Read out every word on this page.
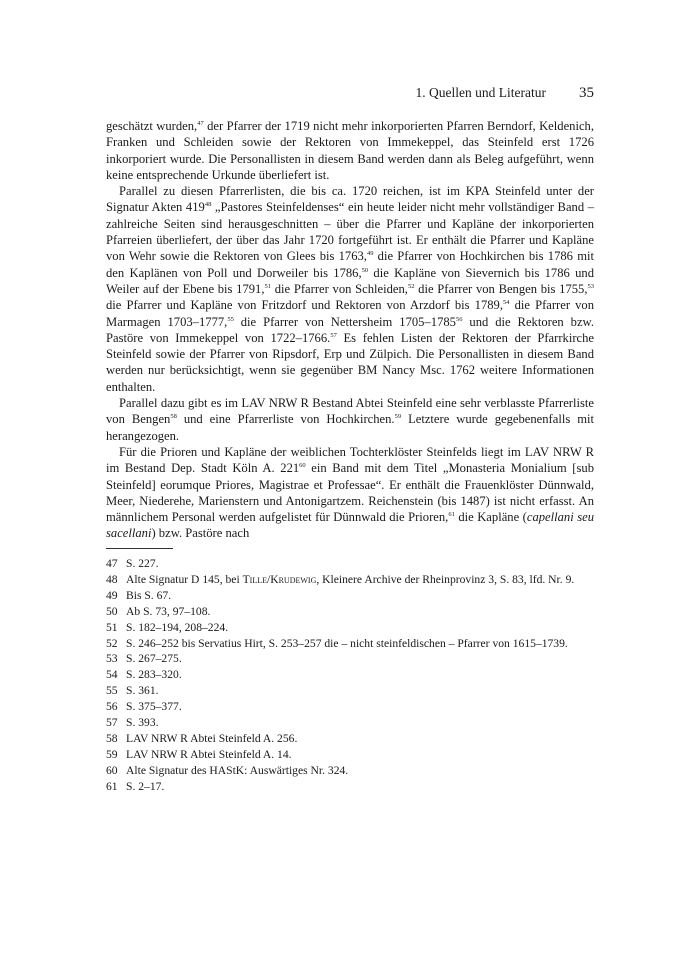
1. Quellen und Literatur 35

geschätzt wurden,$^{47}$ der Pfarrer der 1719 nicht mehr inkorporierten Pfarren Berndorf, Keldenich, Franken und Schleiden sowie der Rektoren von Immekeppel, das Steinfeld erst 1726 inkorporiert wurde. Die Personallisten in diesem Band werden dann als Beleg aufgeführt, wenn keine entsprechende Urkunde überliefert ist.

Parallel zu diesen Pfarrerlisten, die bis ca. 1720 reichen, ist im KPA Steinfeld unter der Signatur Akten $419^{48}$ „Pastores Steinfeldenses“ ein heute leider nicht mehr vollständiger Band – zahlreiche Seiten sind herausgeschnitten – über die Pfarrer und Kapläne der inkorporierten Pfarreien überliefert, der über das Jahr 1720 fortgeführt ist. Er enthält die Pfarrer und Kapläne von Wehr sowie die Rektoren von Glees bis 1763,49 die Pfarrer von Hochkirchen bis 1786 mit den Kaplänen von Poll und Dorweiler bis 1786,50 die Kapläne von Sievernich bis 1786 und Weiler auf der Ebene bis 1791,51 die Pfarrer von Schleiden,$^{52}$ die Pfarrer von Bengen bis 1755,53 die Pfarrer und Kapläne von Fritzdorf und Rektoren von Arzdorf bis 1789,54 die Pfarrer von Marmagen 1703–1777,55 die Pfarrer von Nettersheim 1705–1785$^{56}$ und die Rektoren bzw. Pastöre von Immekeppel von 1722–1766.57 Es fehlen Listen der Rektoren der Pfarrkirche Steinfeld sowie der Pfarrer von Ripsdorf, Erp und Zülpich. Die Personallisten in diesem Band werden nur berücksichtigt, wenn sie gegenüber BM Nancy Msc. 1762 weitere Informationen enthalten.

Parallel dazu gibt es im LAV NRW R Bestand Abtei Steinfeld eine sehr verblasste Pfarrerliste von Bengen$^{58}$ und eine Pfarrerliste von Hochkirchen.$^{59}$ Letztere wurde gegebenenfalls mit herangezogen.

Für die Prioren und Kapläne der weiblichen Tochterklöster Steinfelds liegt im LAV NRW R im Bestand Dep. Stadt Köln A. $221^{60}$ ein Band mit dem Titel „Monasteria Monialium [sub Steinfeld] eorumque Priores, Magistrae et Professae“. Er enthält die Frauenklöster Dünnwald, Meer, Niederehe, Marienstern und Antonigartzem. Reichenstein (bis 1487) ist nicht erfasst. An männlichem Personal werden aufgelistet für Dünnwald die Prioren,$^{61}$ die Kapläne (capellani seu sacellani) bzw. Pastöre nach

47 S. 227.
48 Alte Signatur D 145, bei Tille/Krudewig, Kleinere Archive der Rheinprovinz 3, S. 83, lfd. Nr. 9.
49 Bis S. 67.
50 Ab S. 73, 97–108.
51 S. 182–194, 208–224.
52 S. 246–252 bis Servatius Hirt, S. 253–257 die – nicht steinfeldischen – Pfarrer von 1615–1739.
53 S. 267–275.
54 S. 283–320.
55 S. 361.
56 S. 375–377.
57 S. 393.
58 LAV NRW R Abtei Steinfeld A. 256.
59 LAV NRW R Abtei Steinfeld A. 14.
60 Alte Signatur des HAStK: Auswärtiges Nr. 324.
61 S. 2–17.
